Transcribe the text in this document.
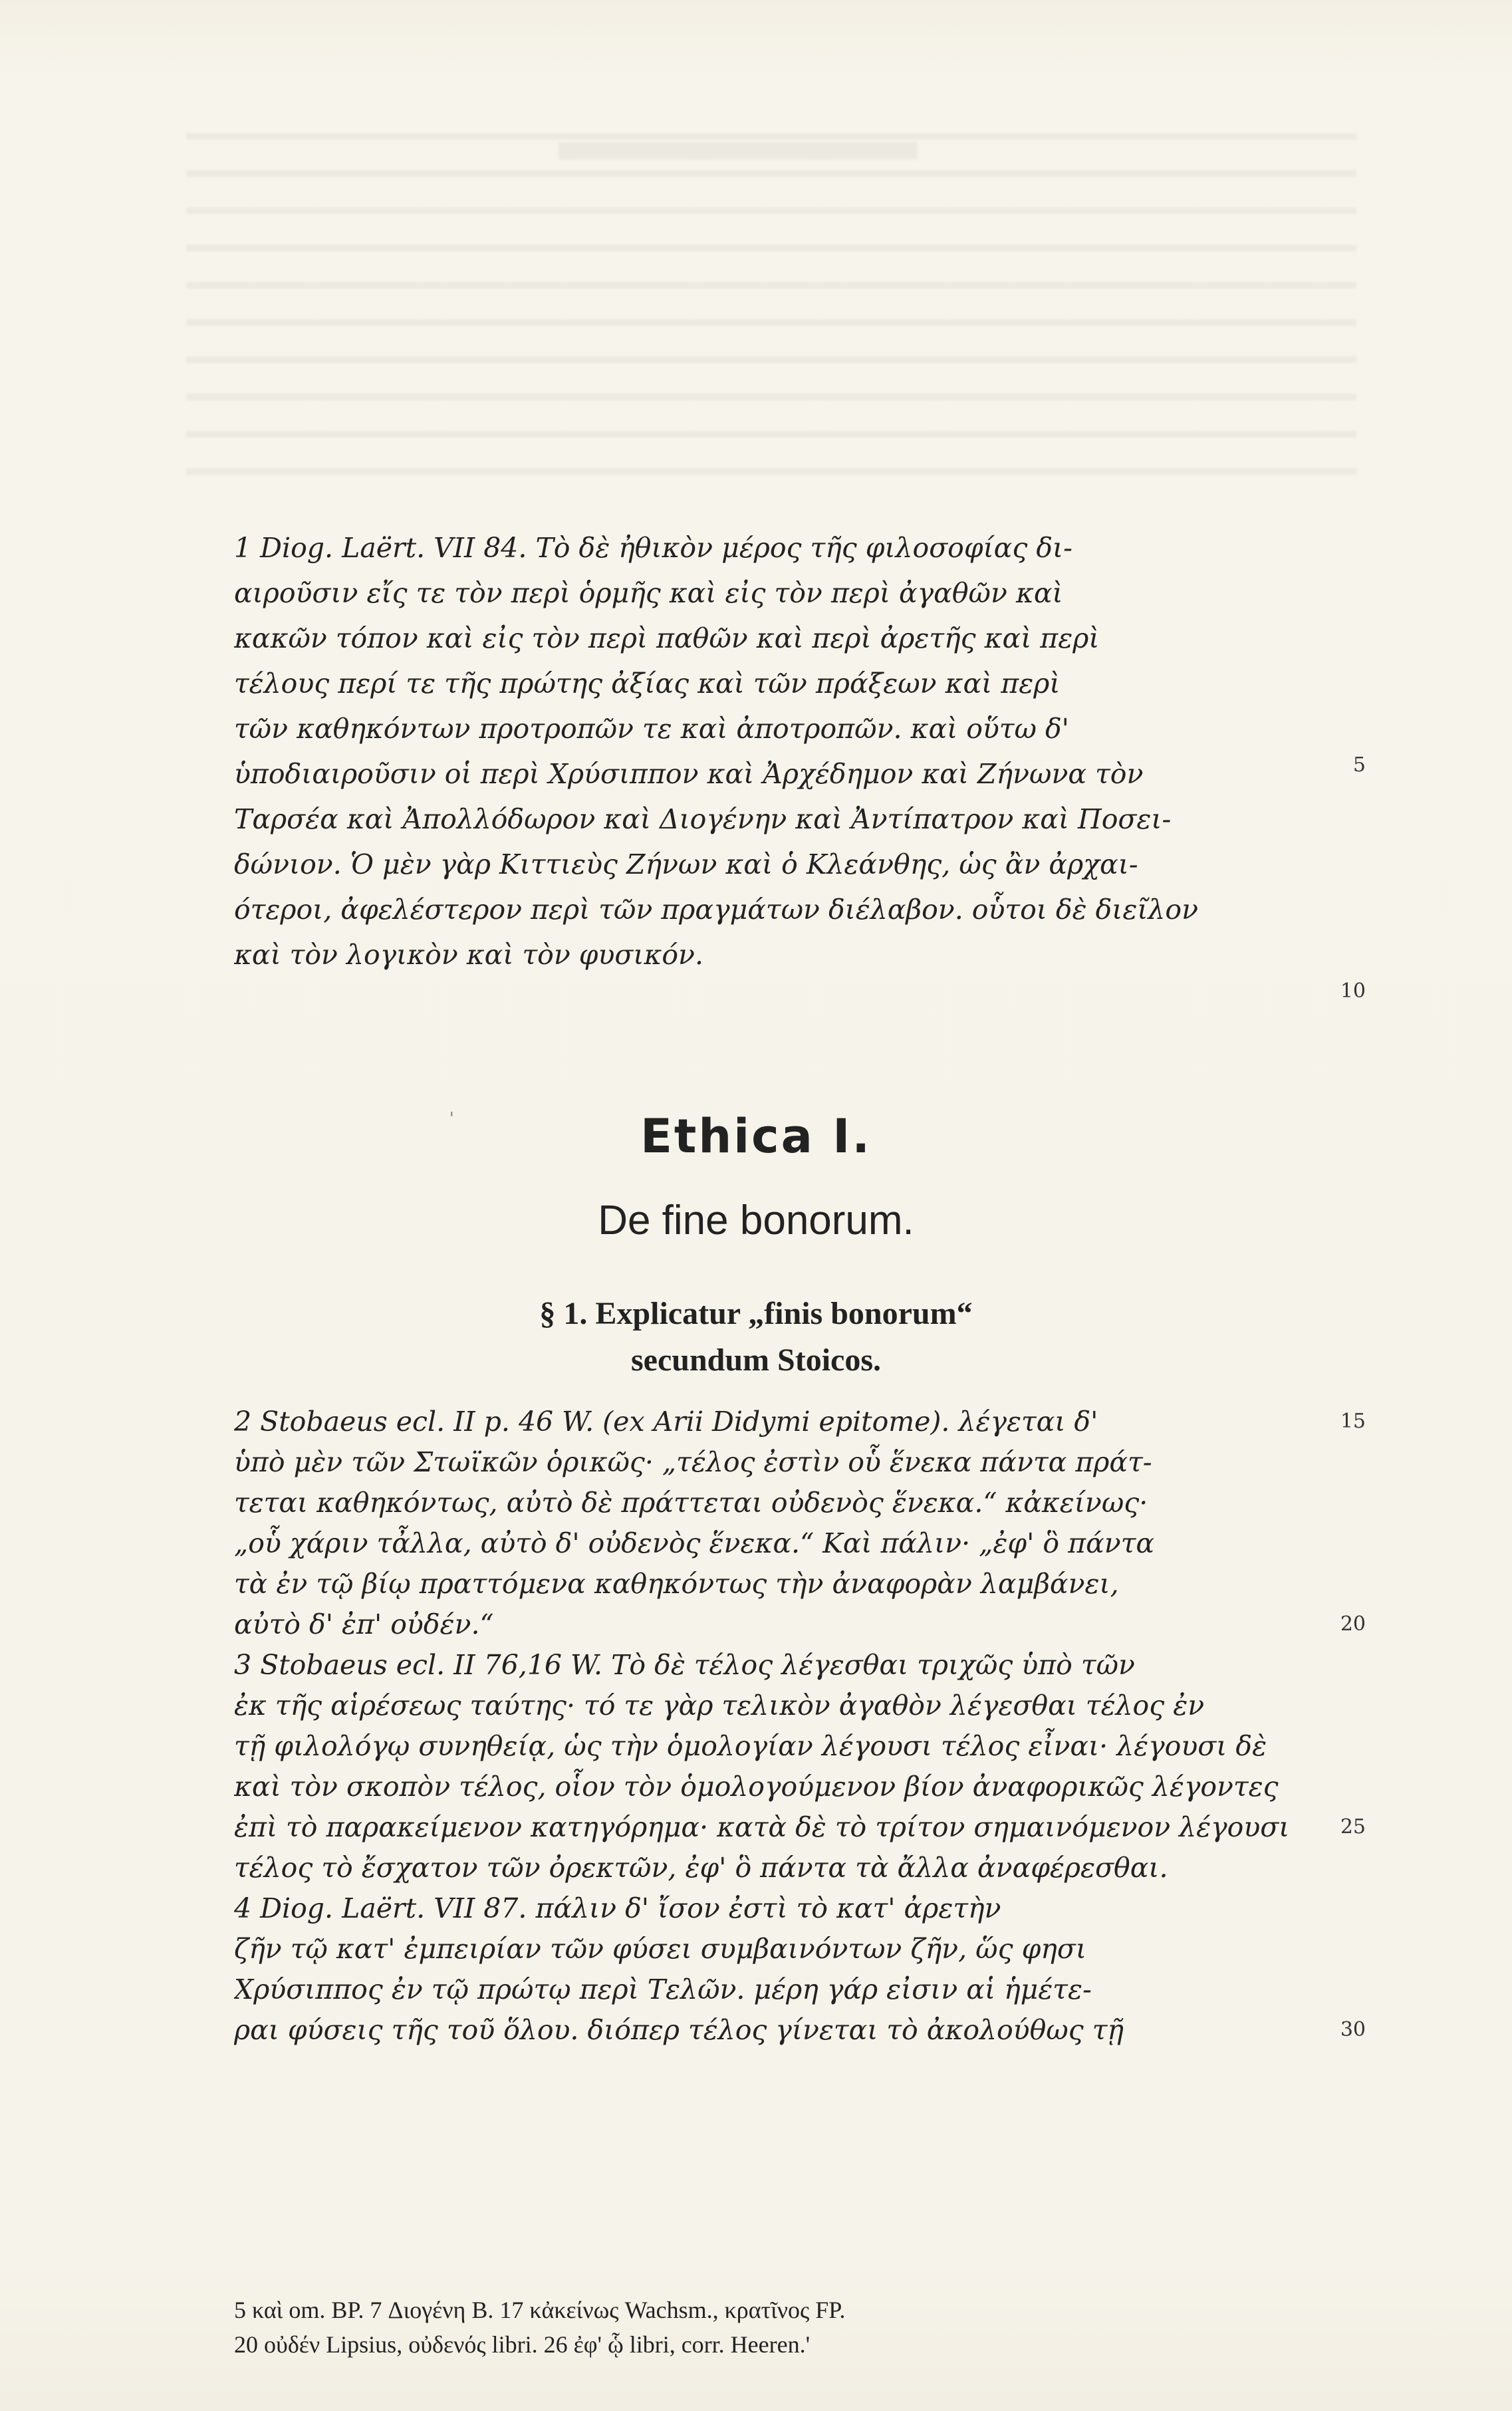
1 Diog. Laërt. VII 84. Τὸ δὲ ἠθικὸν μέρος τῆς φιλοσοφίας δι-
αιροῦσιν εἴς τε τὸν περὶ ὁρμῆς καὶ εἰς τὸν περὶ ἀγαθῶν καὶ
κακῶν τόπον καὶ εἰς τὸν περὶ παθῶν καὶ περὶ ἀρετῆς καὶ περὶ
τέλους περί τε τῆς πρώτης ἀξίας καὶ τῶν πράξεων καὶ περὶ
τῶν καθηκόντων προτροπῶν τε καὶ ἀποτροπῶν. καὶ οὕτω δ'
ὑποδιαιροῦσιν οἱ περὶ Χρύσιππον καὶ Ἀρχέδημον καὶ Ζήνωνα τὸν
Ταρσέα καὶ Ἀπολλόδωρον καὶ Διογένην καὶ Ἀντίπατρον καὶ Ποσει-
δώνιον. Ὁ μὲν γὰρ Κιττιεὺς Ζήνων καὶ ὁ Κλεάνθης, ὡς ἂν ἀρχαι-
ότεροι, ἀφελέστερον περὶ τῶν πραγμάτων διέλαβον. οὗτοι δὲ διεῖλον
καὶ τὸν λογικὸν καὶ τὸν φυσικόν.
5
10
'	Ethica I.
De fine bonorum.
§ 1. Explicatur „finis bonorum“
secundum Stoicos.
2 Stobaeus ecl. II p. 46 W. (ex Arii Didymi epitome). λέγεται δ'
ὑπὸ μὲν τῶν Στωϊκῶν ὁρικῶς· „τέλος ἐστὶν οὗ ἕνεκα πάντα πράτ-
τεται καθηκόντως, αὐτὸ δὲ πράττεται οὐδενὸς ἕνεκα.“ κἀκείνως·
„οὗ χάριν τἆλλα, αὐτὸ δ' οὐδενὸς ἕνεκα.“ Καὶ πάλιν· „ἐφ' ὃ πάντα
τὰ ἐν τῷ βίῳ πραττόμενα καθηκόντως τὴν ἀναφορὰν λαμβάνει,
αὐτὸ δ' ἐπ' οὐδέν.“
3 Stobaeus ecl. II 76,16 W. Τὸ δὲ τέλος λέγεσθαι τριχῶς ὑπὸ τῶν
ἐκ τῆς αἱρέσεως ταύτης· τό τε γὰρ τελικὸν ἀγαθὸν λέγεσθαι τέλος ἐν
τῇ φιλολόγῳ συνηθείᾳ, ὡς τὴν ὁμολογίαν λέγουσι τέλος εἶναι· λέγουσι δὲ
καὶ τὸν σκοπὸν τέλος, οἷον τὸν ὁμολογούμενον βίον ἀναφορικῶς λέγοντες
ἐπὶ τὸ παρακείμενον κατηγόρημα· κατὰ δὲ τὸ τρίτον σημαινόμενον λέγουσι
τέλος τὸ ἔσχατον τῶν ὀρεκτῶν, ἐφ' ὃ πάντα τὰ ἄλλα ἀναφέρεσθαι.
4 Diog. Laërt. VII 87. πάλιν δ' ἴσον ἐστὶ τὸ κατ' ἀρετὴν
ζῆν τῷ κατ' ἐμπειρίαν τῶν φύσει συμβαινόντων ζῆν, ὥς φησι
Χρύσιππος ἐν τῷ πρώτῳ περὶ Τελῶν. μέρη γάρ εἰσιν αἱ ἡμέτε-
ραι φύσεις τῆς τοῦ ὅλου. διόπερ τέλος γίνεται τὸ ἀκολούθως τῇ
15
20
25
30
5 καὶ om. BP. 7 Διογένη B. 17 κἀκείνως Wachsm., κρατῖνος FP.
20 οὐδέν Lipsius, οὐδενός libri. 26 ἐφ' ᾧ libri, corr. Heeren.'
